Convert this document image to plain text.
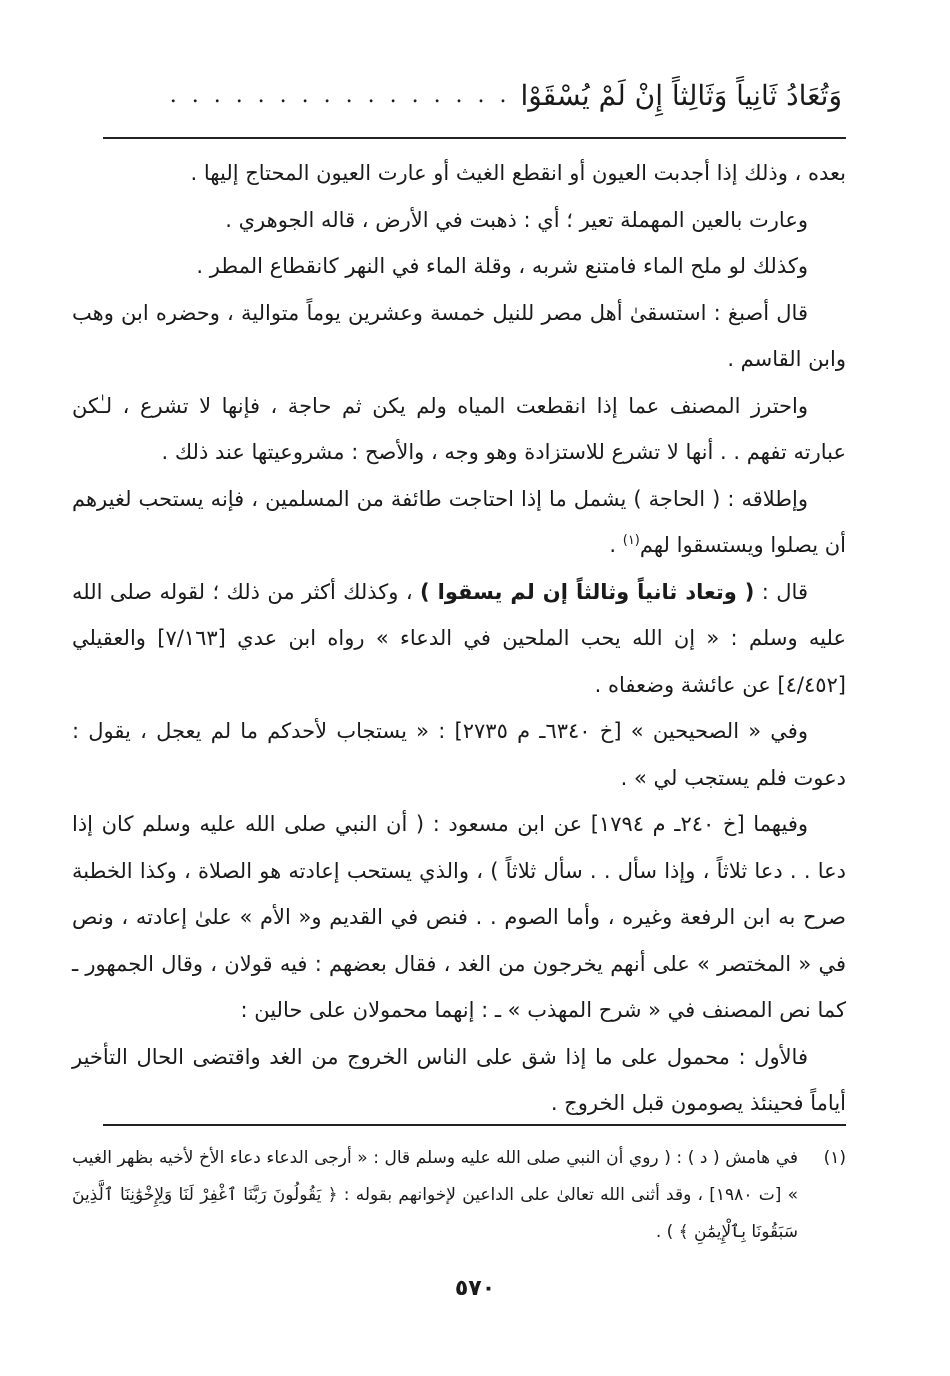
وَتُعَادُ ثَانِياً وَثَالِثاً إِنْ لَمْ يُسْقَوْا
. . . . . . . . . . . . . . . .

بعده ، وذلك إذا أجدبت العيون أو انقطع الغيث أو عارت العيون المحتاج إليها .

وعارت بالعين المهملة تعير ؛ أي : ذهبت في الأرض ، قاله الجوهري .

وكذلك لو ملح الماء فامتنع شربه ، وقلة الماء في النهر كانقطاع المطر .

قال أصبغ : استسقىٰ أهل مصر للنيل خمسة وعشرين يوماً متوالية ، وحضره ابن وهب وابن القاسم .

واحترز المصنف عما إذا انقطعت المياه ولم يكن ثم حاجة ، فإنها لا تشرع ، لـٰكن عبارته تفهم . . أنها لا تشرع للاستزادة وهو وجه ، والأصح : مشروعيتها عند ذلك .

وإطلاقه : ( الحاجة ) يشمل ما إذا احتاجت طائفة من المسلمين ، فإنه يستحب لغيرهم أن يصلوا ويستسقوا لهم$^{(١)}$ .

قال : ( وتعاد ثانياً وثالثاً إن لم يسقوا ) ، وكذلك أكثر من ذلك ؛ لقوله صلى الله عليه وسلم : « إن الله يحب الملحين في الدعاء » رواه ابن عدي [٧/١٦٣] والعقيلي [٤/٤٥٢] عن عائشة وضعفاه .

وفي « الصحيحين » [خ ٦٣٤٠ـ م ٢٧٣٥] : « يستجاب لأحدكم ما لم يعجل ، يقول : دعوت فلم يستجب لي » .

وفيهما [خ ٢٤٠ـ م ١٧٩٤] عن ابن مسعود : ( أن النبي صلى الله عليه وسلم كان إذا دعا . . دعا ثلاثاً ، وإذا سأل . . سأل ثلاثاً ) ، والذي يستحب إعادته هو الصلاة ، وكذا الخطبة صرح به ابن الرفعة وغيره ، وأما الصوم . . فنص في القديم و« الأم » علىٰ إعادته ، ونص في « المختصر » على أنهم يخرجون من الغد ، فقال بعضهم : فيه قولان ، وقال الجمهور ـ كما نص المصنف في « شرح المهذب » ـ : إنهما محمولان على حالين :

فالأول : محمول على ما إذا شق على الناس الخروج من الغد واقتضى الحال التأخير أياماً فحينئذ يصومون قبل الخروج .

(١)
في هامش ( د ) : ( روي أن النبي صلى الله عليه وسلم قال : « أرجى الدعاء دعاء الأخ لأخيه بظهر الغيب » [ت ١٩٨٠] ، وقد أثنى الله تعالىٰ على الداعين لإخوانهم بقوله : ﴿ يَقُولُونَ رَبَّنَا ٱغْفِرْ لَنَا وَلِإِخْوَٰنِنَا ٱلَّذِينَ سَبَقُونَا بِٱلْإِيمَٰنِ ﴾ ) .
٥٧٠
